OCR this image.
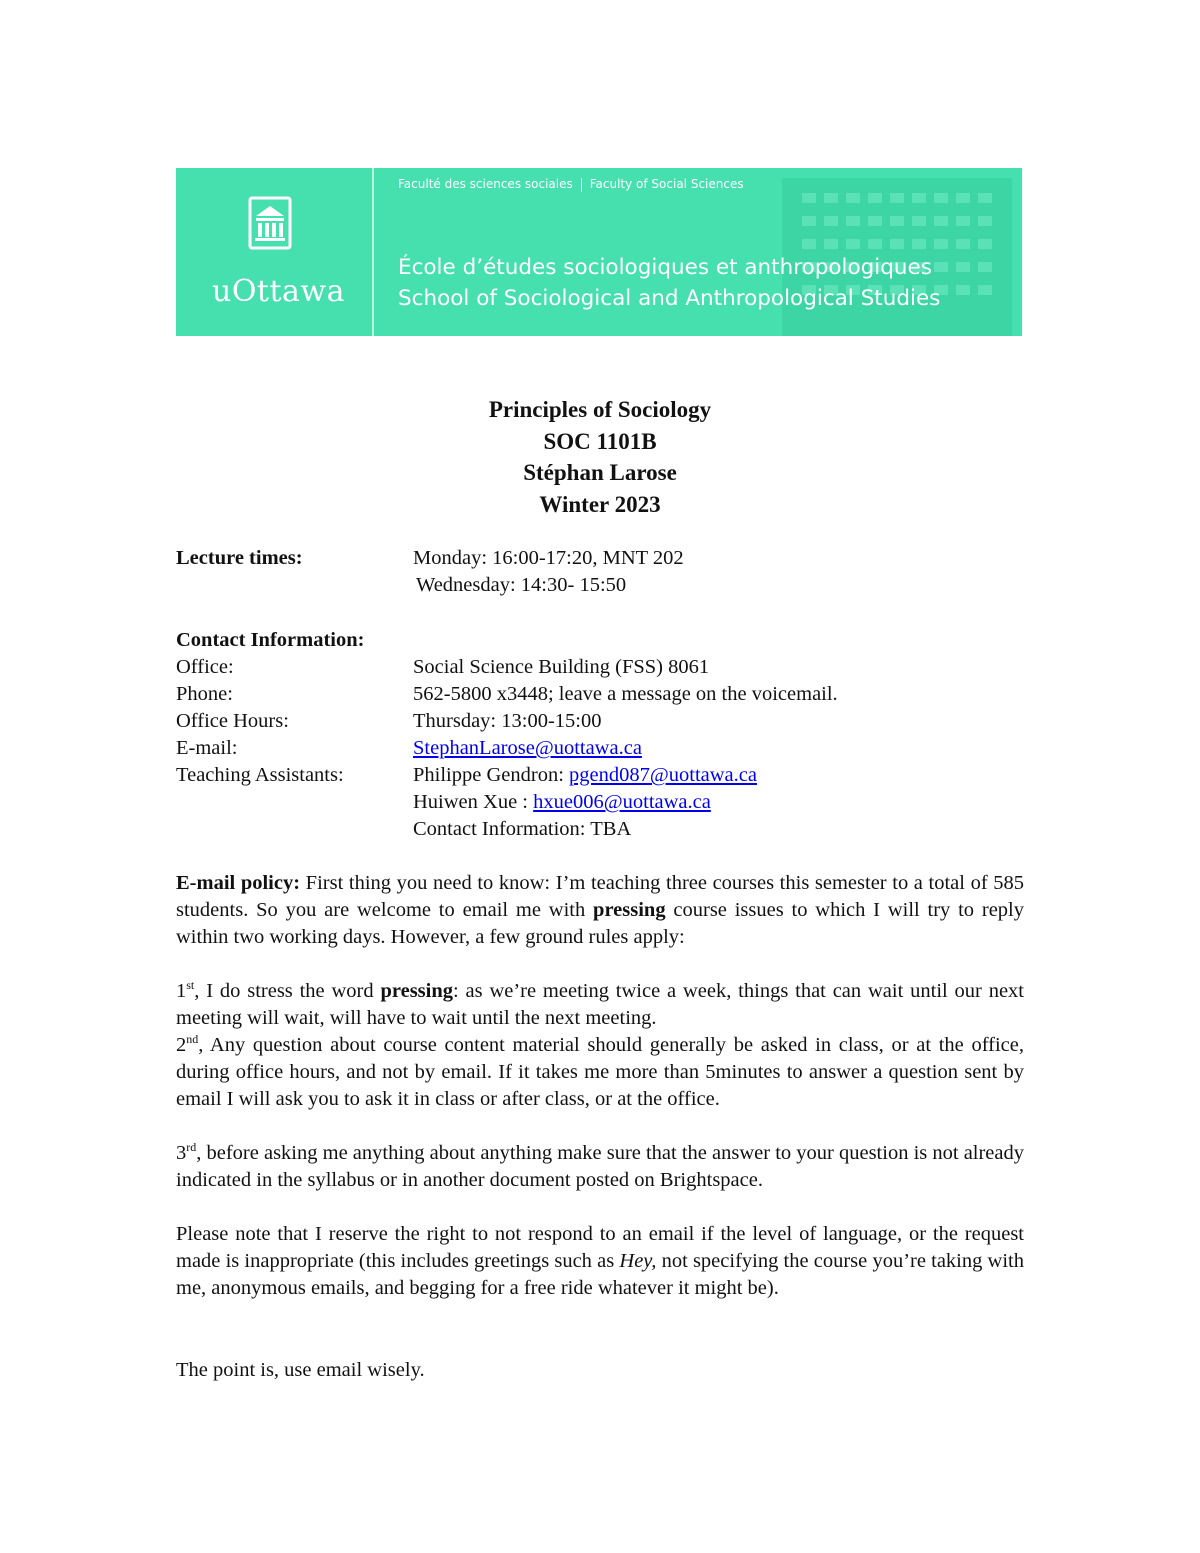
uOttawa
Faculté des sciences sociales Faculty of Social Sciences
École d’études sociologiques et anthropologiques
School of Sociological and Anthropological Studies
Principles of Sociology
SOC 1101B
Stéphan Larose
Winter 2023
Lecture times:	Monday: 16:00-17:20, MNT 202
Wednesday: 14:30- 15:50
Contact Information:
Office:	Social Science Building (FSS) 8061
Phone:	562-5800 x3448; leave a message on the voicemail.
Office Hours:	Thursday: 13:00-15:00
E-mail:	StephanLarose@uottawa.ca
Teaching Assistants:	Philippe Gendron: pgend087@uottawa.ca
Huiwen Xue : hxue006@uottawa.ca
Contact Information: TBA
E-mail policy: First thing you need to know: I’m teaching three courses this semester to a total of 585 students. So you are welcome to email me with pressing course issues to which I will try to reply within two working days. However, a few ground rules apply:
1st, I do stress the word pressing: as we’re meeting twice a week, things that can wait until our next meeting will wait, will have to wait until the next meeting.
2nd, Any question about course content material should generally be asked in class, or at the office, during office hours, and not by email. If it takes me more than 5minutes to answer a question sent by email I will ask you to ask it in class or after class, or at the office.
3rd, before asking me anything about anything make sure that the answer to your question is not already indicated in the syllabus or in another document posted on Brightspace.
Please note that I reserve the right to not respond to an email if the level of language, or the request made is inappropriate (this includes greetings such as Hey, not specifying the course you’re taking with me, anonymous emails, and begging for a free ride whatever it might be).
The point is, use email wisely.
